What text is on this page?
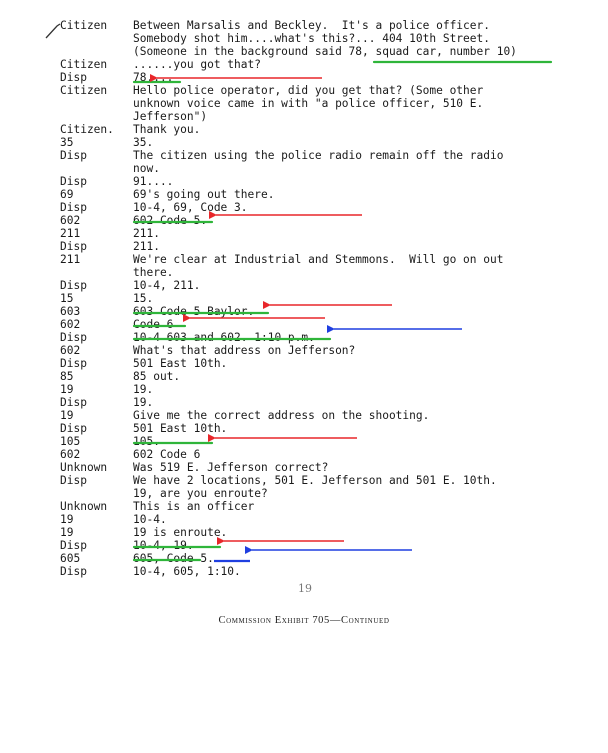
Citizen Between Marsalis and Beckley.  It's a police officer.
Somebody shot him....what's this?... 404 10th Street.
(Someone in the background said 78, squad car, number 10)
Citizen ......you got that?
Disp	78....
Citizen Hello police operator, did you get that? (Some other
unknown voice came in with "a police officer, 510 E.
Jefferson")
Citizen. Thank you.
35	35.
Disp	The citizen using the police radio remain off the radio
now.
Disp	91....
69	69's going out there.
Disp	10-4, 69, Code 3.
602	602 Code 5.
211	211.
Disp	211.
211	We're clear at Industrial and Stemmons.  Will go on out
there.
Disp	10-4, 211.
15	15.
603	603 Code 5 Baylor.
602	Code 6
Disp	10-4 603 and 602. 1:10 p.m.
602	What's that address on Jefferson?
Disp	501 East 10th.
85	85 out.
19	19.
Disp	19.
19	Give me the correct address on the shooting.
Disp	501 East 10th.
105	105.
602	602 Code 6
Unknown Was 519 E. Jefferson correct?
Disp	We have 2 locations, 501 E. Jefferson and 501 E. 10th.
19, are you enroute?
Unknown This is an officer
19	10-4.
19	19 is enroute.
Disp	10-4, 19.
605	605, Code 5.
Disp	10-4, 605, 1:10.
19
Commission Exhibit 705—Continued
